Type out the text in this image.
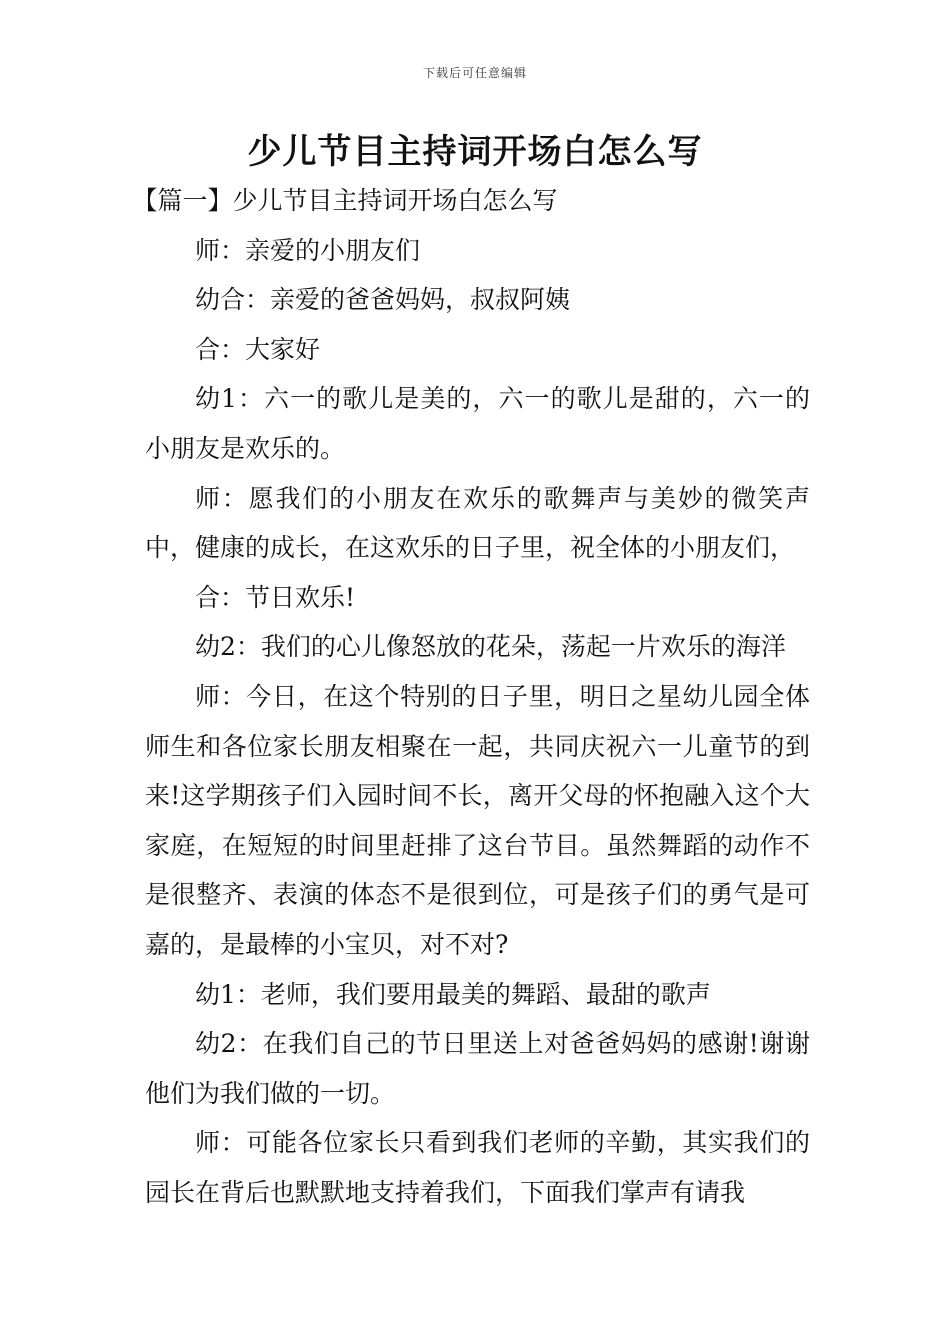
下载后可任意编辑
少儿节目主持词开场白怎么写

【篇一】少儿节目主持词开场白怎么写

师：亲爱的小朋友们

幼合：亲爱的爸爸妈妈，叔叔阿姨

合：大家好

幼1：六一的歌儿是美的，六一的歌儿是甜的，六一的小朋友是欢乐的。

师：愿我们的小朋友在欢乐的歌舞声与美妙的微笑声中，健康的成长，在这欢乐的日子里，祝全体的小朋友们，

合：节日欢乐!

幼2：我们的心儿像怒放的花朵，荡起一片欢乐的海洋

师：今日，在这个特别的日子里，明日之星幼儿园全体师生和各位家长朋友相聚在一起，共同庆祝六一儿童节的到来!这学期孩子们入园时间不长，离开父母的怀抱融入这个大家庭，在短短的时间里赶排了这台节目。虽然舞蹈的动作不是很整齐、表演的体态不是很到位，可是孩子们的勇气是可嘉的，是最棒的小宝贝，对不对?

幼1：老师，我们要用最美的舞蹈、最甜的歌声

幼2：在我们自己的节日里送上对爸爸妈妈的感谢!谢谢他们为我们做的一切。

师：可能各位家长只看到我们老师的辛勤，其实我们的园长在背后也默默地支持着我们，下面我们掌声有请我
